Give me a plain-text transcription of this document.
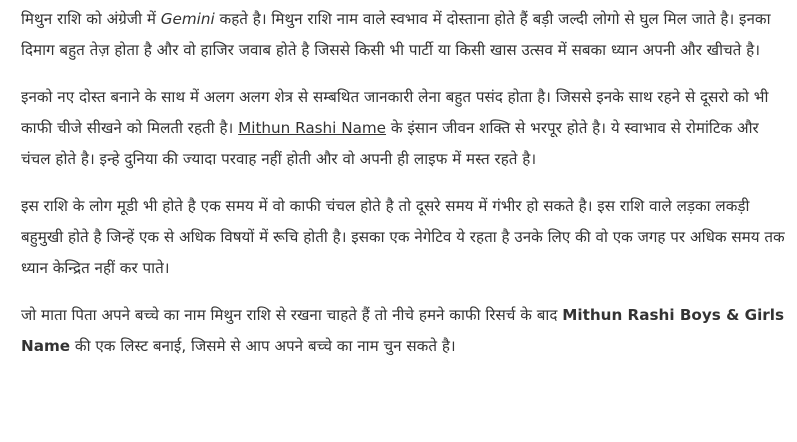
मिथुन राशि को अंग्रेजी में Gemini कहते है। मिथुन राशि नाम वाले स्वभाव में दोस्ताना होते हैं बड़ी जल्दी लोगो से घुल मिल जाते है। इनका दिमाग बहुत तेज़ होता है और वो हाजिर जवाब होते है जिससे किसी भी पार्टी या किसी खास उत्सव में सबका ध्यान अपनी और खीचते है।

इनको नए दोस्त बनाने के साथ में अलग अलग शेत्र से सम्बथित जानकारी लेना बहुत पसंद होता है। जिससे इनके साथ रहने से दूसरो को भी काफी चीजे सीखने को मिलती रहती है। Mithun Rashi Name के इंसान जीवन शक्ति से भरपूर होते है। ये स्वाभाव से रोमांटिक और चंचल होते है। इन्हे दुनिया की ज्यादा परवाह नहीं होती और वो अपनी ही लाइफ में मस्त रहते है।

इस राशि के लोग मूडी भी होते है एक समय में वो काफी चंचल होते है तो दूसरे समय में गंभीर हो सकते है। इस राशि वाले लड़का लकड़ी बहुमुखी होते है जिन्हें एक से अधिक विषयों में रूचि होती है। इसका एक नेगेटिव ये रहता है उनके लिए की वो एक जगह पर अधिक समय तक ध्यान केन्द्रित नहीं कर पाते।

जो माता पिता अपने बच्चे का नाम मिथुन राशि से रखना चाहते हैं तो नीचे हमने काफी रिसर्च के बाद Mithun Rashi Boys & Girls Name की एक लिस्ट बनाई, जिसमे से आप अपने बच्चे का नाम चुन सकते है।
